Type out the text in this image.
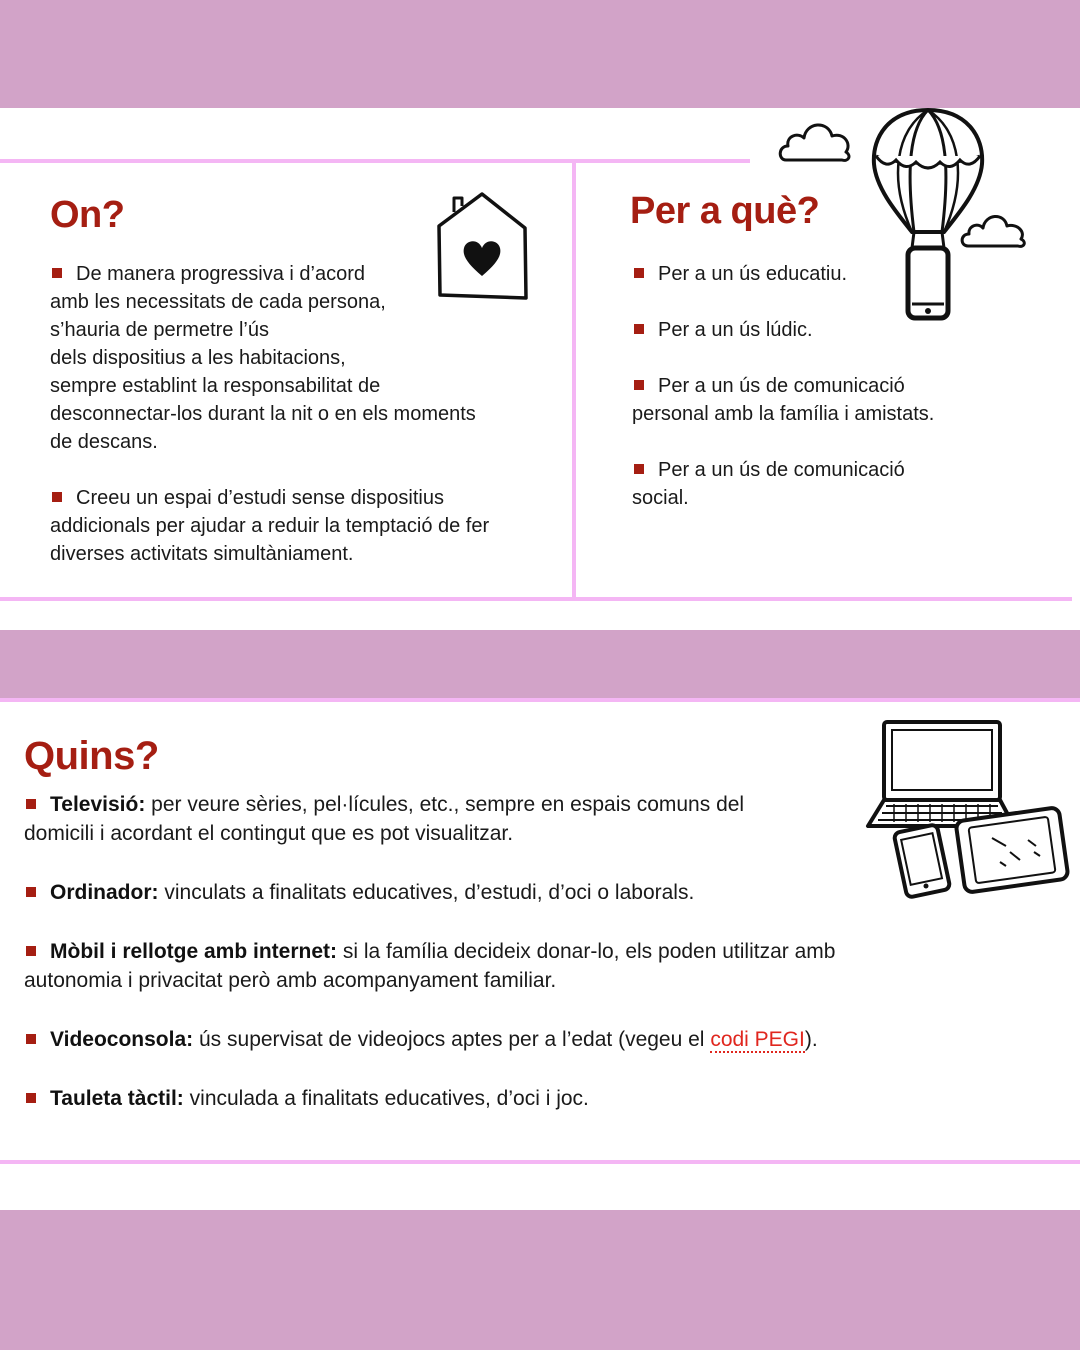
On?

De manera progressiva i d’acord
amb les necessitats de cada persona,
s’hauria de permetre l’ús
dels dispositius a les habitacions,
sempre establint la responsabilitat de
desconnectar-los durant la nit o en els moments
de descans.

Creeu un espai d’estudi sense dispositius
addicionals per ajudar a reduir la temptació de fer
diverses activitats simultàniament.

Per a què?

Per a un ús educatiu.

Per a un ús lúdic.

Per a un ús de comunicació
personal amb la família i amistats.

Per a un ús de comunicació
social.

Quins?

Televisió: per veure sèries, pel·lícules, etc., sempre en espais comuns del
domicili i acordant el contingut que es pot visualitzar.

Ordinador: vinculats a finalitats educatives, d’estudi, d’oci o laborals.

Mòbil i rellotge amb internet: si la família decideix donar-lo, els poden utilitzar amb
autonomia i privacitat però amb acompanyament familiar.

Videoconsola: ús supervisat de videojocs aptes per a l’edat (vegeu el codi PEGI).

Tauleta tàctil: vinculada a finalitats educatives, d’oci i joc.
